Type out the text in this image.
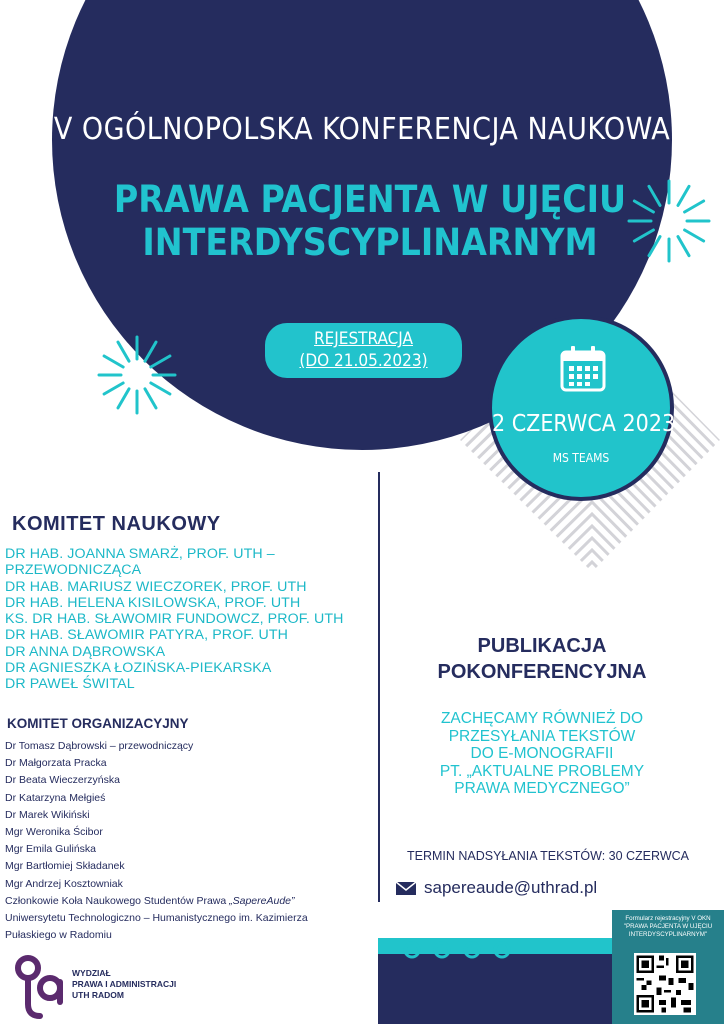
V OGÓLNOPOLSKA KONFERENCJA NAUKOWA
PRAWA PACJENTA W UJĘCIU INTERDYSCYPLINARNYM
REJESTRACJA
(DO 21.05.2023)
2 CZERWCA 2023
MS TEAMS
KOMITET NAUKOWY
DR HAB. JOANNA SMARŻ, PROF. UTH –
PRZEWODNICZĄCA
DR HAB. MARIUSZ WIECZOREK, PROF. UTH
DR HAB. HELENA KISILOWSKA, PROF. UTH
KS. DR HAB. SŁAWOMIR FUNDOWCZ, PROF. UTH
DR HAB. SŁAWOMIR PATYRA, PROF. UTH
DR ANNA DĄBROWSKA
DR AGNIESZKA ŁOZIŃSKA-PIEKARSKA
DR PAWEŁ ŚWITAL
KOMITET ORGANIZACYJNY
Dr Tomasz Dąbrowski – przewodniczący
Dr Małgorzata Pracka
Dr Beata Wieczerzyńska
Dr Katarzyna Mełgieś
Dr Marek Wikiński
Mgr Weronika Ścibor
Mgr Emila Gulińska
Mgr Bartłomiej Składanek
Mgr Andrzej Kosztowniak
Członkowie Koła Naukowego Studentów Prawa „SapereAude”
Uniwersytetu Technologiczno – Humanistycznego im. Kazimierza
Pułaskiego w Radomiu
PUBLIKACJA
POKONFERENCYJNA
ZACHĘCAMY RÓWNIEŻ DO
PRZESYŁANIA TEKSTÓW
DO E-MONOGRAFII
PT. „AKTUALNE PROBLEMY
PRAWA MEDYCZNEGO”
TERMIN NADSYŁANIA TEKSTÓW: 30 CZERWCA
sapereaude@uthrad.pl
Formularz rejestracyjny V OKN
"PRAWA PACJENTA W UJĘCIU
INTERDYSCYPLINARNYM"
WYDZIAŁ
PRAWA I ADMINISTRACJI
UTH RADOM
